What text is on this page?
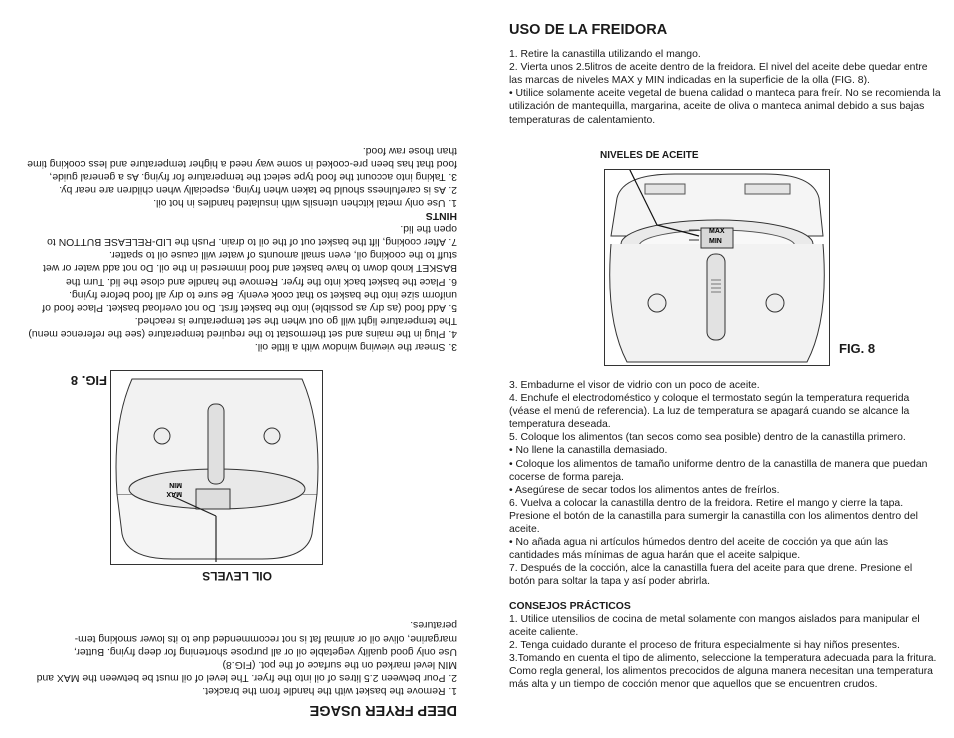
DEEP FRYER USAGE

1. Remove the basket with the handle from the bracket.

2. Pour between 2.5 litres of oil into the fryer. The level of oil must be between the MAX and MIN level marked on the surface of the pot. (FIG.8)

Use only good quality vegetable oil or all purpose shortening for deep frying. Butter, margarine, olive oil or animal fat is not recommended due to its lower smoking tem- peratures.

MAX
MIN
FIG. 8
OIL LEVELS

3. Smear the viewing window with a little oil.

4. Plug in the mains and set thermostat to the required temperature (see the reference menu) The temperature light will go out when the set temperature is reached.

5. Add food (as dry as possible) into the basket first. Do not overload basket. Place food of uniform size into the basket so that cook evenly. Be sure to dry all food before frying.

6. Place the basket back into the fryer. Remove the handle and close the lid. Turn the BASKET knob down to have basket and food immersed in the oil. Do not add water or wet stuff to the cooking oil, even small amounts of water will cause oil to spatter.

7. After cooking, lift the basket out of the oil to drain. Push the LID-RELEASE BUTTON to open the lid.

HINTS

1. Use only metal kitchen utensils with insulated handles in hot oil.

2. As is carefulness should be taken when frying, especially when children are near by.

3. Taking into account the food type select the temperature for frying. As a general guide, food that has been pre-cooked in some way need a higher temperature and less cooking time than those raw food.

USO DE LA FREIDORA

1. Retire la canastilla utilizando el mango.

2. Vierta unos 2.5litros de aceite dentro de la freidora. El nivel del aceite debe quedar entre las marcas de niveles MAX y MIN indicadas en la superficie de la olla (FIG. 8).

• Utilice solamente aceite vegetal de buena calidad o manteca para freír. No se recomienda la utilización de mantequilla, margarina, aceite de oliva o manteca animal debido a sus bajas temperaturas de calentamiento.

NIVELES DE ACEITE
MAX
MIN
FIG. 8

3. Embadurne el visor de vidrio con un poco de aceite.

4. Enchufe el electrodoméstico y coloque el termostato según la temperatura requerida (véase el menú de referencia). La luz de temperatura se apagará cuando se alcance la temperatura deseada.

5. Coloque los alimentos (tan secos como sea posible) dentro de la canastilla primero.

• No llene la canastilla demasiado.

• Coloque los alimentos de tamaño uniforme dentro de la canastilla de manera que puedan cocerse de forma pareja.

• Asegúrese de secar todos los alimentos antes de freírlos.

6. Vuelva a colocar la canastilla dentro de la freidora. Retire el mango y cierre la tapa. Presione el botón de la canastilla para sumergir la canastilla con los alimentos dentro del aceite.

• No añada agua ni artículos húmedos dentro del aceite de cocción ya que aún las cantidades más mínimas de agua harán que el aceite salpique.

7. Después de la cocción, alce la canastilla fuera del aceite para que drene. Presione el botón para soltar la tapa y así poder abrirla.

CONSEJOS PRÁCTICOS

1. Utilice utensilios de cocina de metal solamente con mangos aislados para manipular el aceite caliente.

2. Tenga cuidado durante el proceso de fritura especialmente si hay niños presentes.

3.Tomando en cuenta el tipo de alimento, seleccione la temperatura adecuada para la fritura. Como regla general, los alimentos precocidos de alguna manera necesitan una temperatura más alta y un tiempo de cocción menor que aquellos que se encuentren crudos.
